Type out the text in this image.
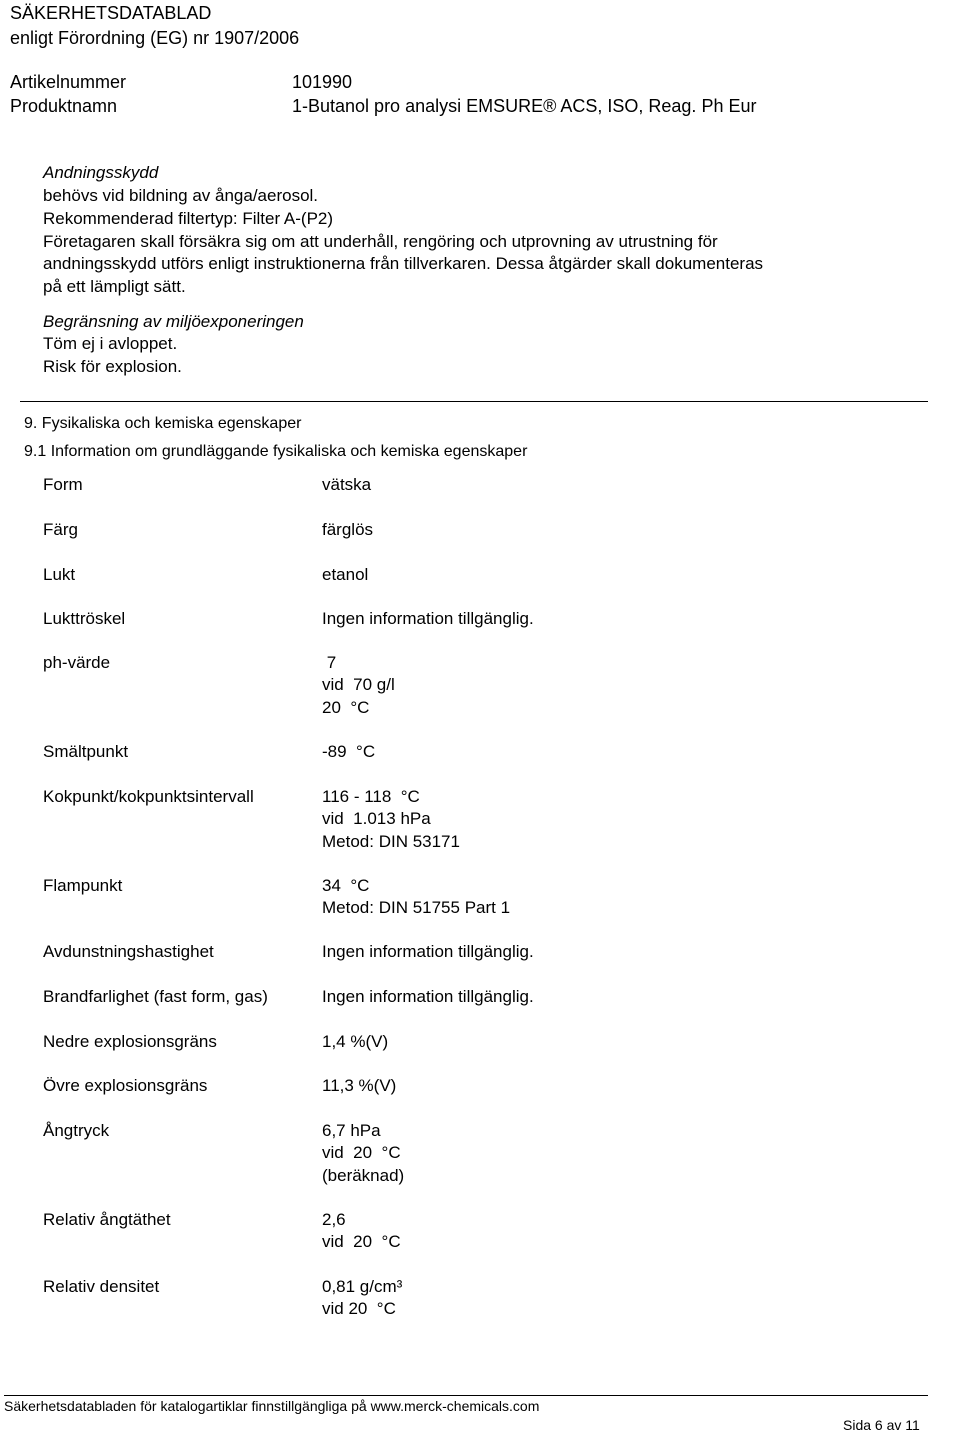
SÄKERHETSDATABLAD
enligt Förordning (EG) nr 1907/2006
Artikelnummer	101990
Produktnamn	1-Butanol pro analysi EMSURE® ACS, ISO, Reag. Ph Eur
Andningsskydd
behövs vid bildning av ånga/aerosol.
Rekommenderad filtertyp: Filter A-(P2)
Företagaren skall försäkra sig om att underhåll, rengöring och utprovning av utrustning för
andningsskydd utförs enligt instruktionerna från tillverkaren. Dessa åtgärder skall dokumenteras
på ett lämpligt sätt.
Begränsning av miljöexponeringen
Töm ej i avloppet.
Risk för explosion.
9. Fysikaliska och kemiska egenskaper
9.1 Information om grundläggande fysikaliska och kemiska egenskaper
Form	vätska
Färg	färglös
Lukt	etanol
Lukttröskel	Ingen information tillgänglig.
ph-värde	7
vid  70 g/l
20  °C
Smältpunkt	-89  °C
Kokpunkt/kokpunktsintervall	116 - 118  °C
vid  1.013 hPa
Metod: DIN 53171
Flampunkt	34  °C
Metod: DIN 51755 Part 1
Avdunstningshastighet	Ingen information tillgänglig.
Brandfarlighet (fast form, gas)	Ingen information tillgänglig.
Nedre explosionsgräns	1,4 %(V)
Övre explosionsgräns	11,3 %(V)
Ångtryck	6,7 hPa
vid  20  °C
(beräknad)
Relativ ångtäthet	2,6
vid  20  °C
Relativ densitet	0,81 g/cm³
vid 20  °C
Säkerhetsdatabladen för katalogartiklar finnstillgängliga på www.merck-chemicals.com
Sida 6 av 11
